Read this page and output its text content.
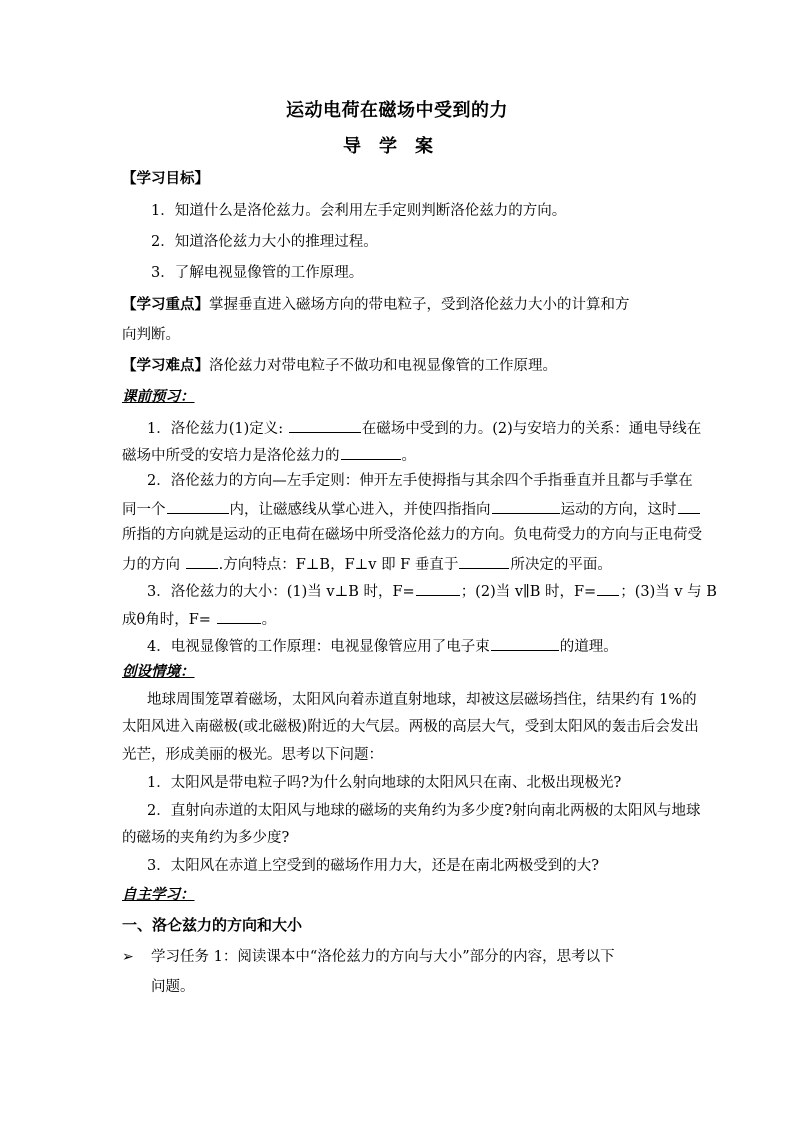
运动电荷在磁场中受到的力
导学案
【学习目标】
1．知道什么是洛伦兹力。会利用左手定则判断洛伦兹力的方向。
2．知道洛伦兹力大小的推理过程。
3．了解电视显像管的工作原理。
【学习重点】掌握垂直进入磁场方向的带电粒子，受到洛伦兹力大小的计算和方
向判断。
【学习难点】洛伦兹力对带电粒子不做功和电视显像管的工作原理。
课前预习：
1．洛伦兹力(1)定义:	在磁场中受到的力。(2)与安培力的关系：通电导线在
磁场中所受的安培力是洛伦兹力的	。
2．洛伦兹力的方向—左手定则：伸开左手使拇指与其余四个手指垂直并且都与手掌在
同一个	内，让磁感线从掌心进入，并使四指指向	运动的方向，这时
所指的方向就是运动的正电荷在磁场中所受洛伦兹力的方向。负电荷受力的方向与正电荷受
力的方向 .方向特点：F⊥B，F⊥v 即 F 垂直于	所决定的平面。
3．洛伦兹力的大小：(1)当 v⊥B 时，F=	；(2)当 v∥B 时，F= ；(3)当 v 与 B
成θ角时，F=	。
4．电视显像管的工作原理：电视显像管应用了电子束	的道理。
创设情境：
地球周围笼罩着磁场，太阳风向着赤道直射地球，却被这层磁场挡住，结果约有 1%的
太阳风进入南磁极(或北磁极)附近的大气层。两极的高层大气，受到太阳风的轰击后会发出
光芒，形成美丽的极光。思考以下问题：
1．太阳风是带电粒子吗?为什么射向地球的太阳风只在南、北极出现极光?
2．直射向赤道的太阳风与地球的磁场的夹角约为多少度?射向南北两极的太阳风与地球
的磁场的夹角约为多少度?
3．太阳风在赤道上空受到的磁场作用力大，还是在南北两极受到的大?
自主学习：
一、洛仑兹力的方向和大小
➢ 学习任务 1：阅读课本中“洛伦兹力的方向与大小”部分的内容，思考以下
问题。
